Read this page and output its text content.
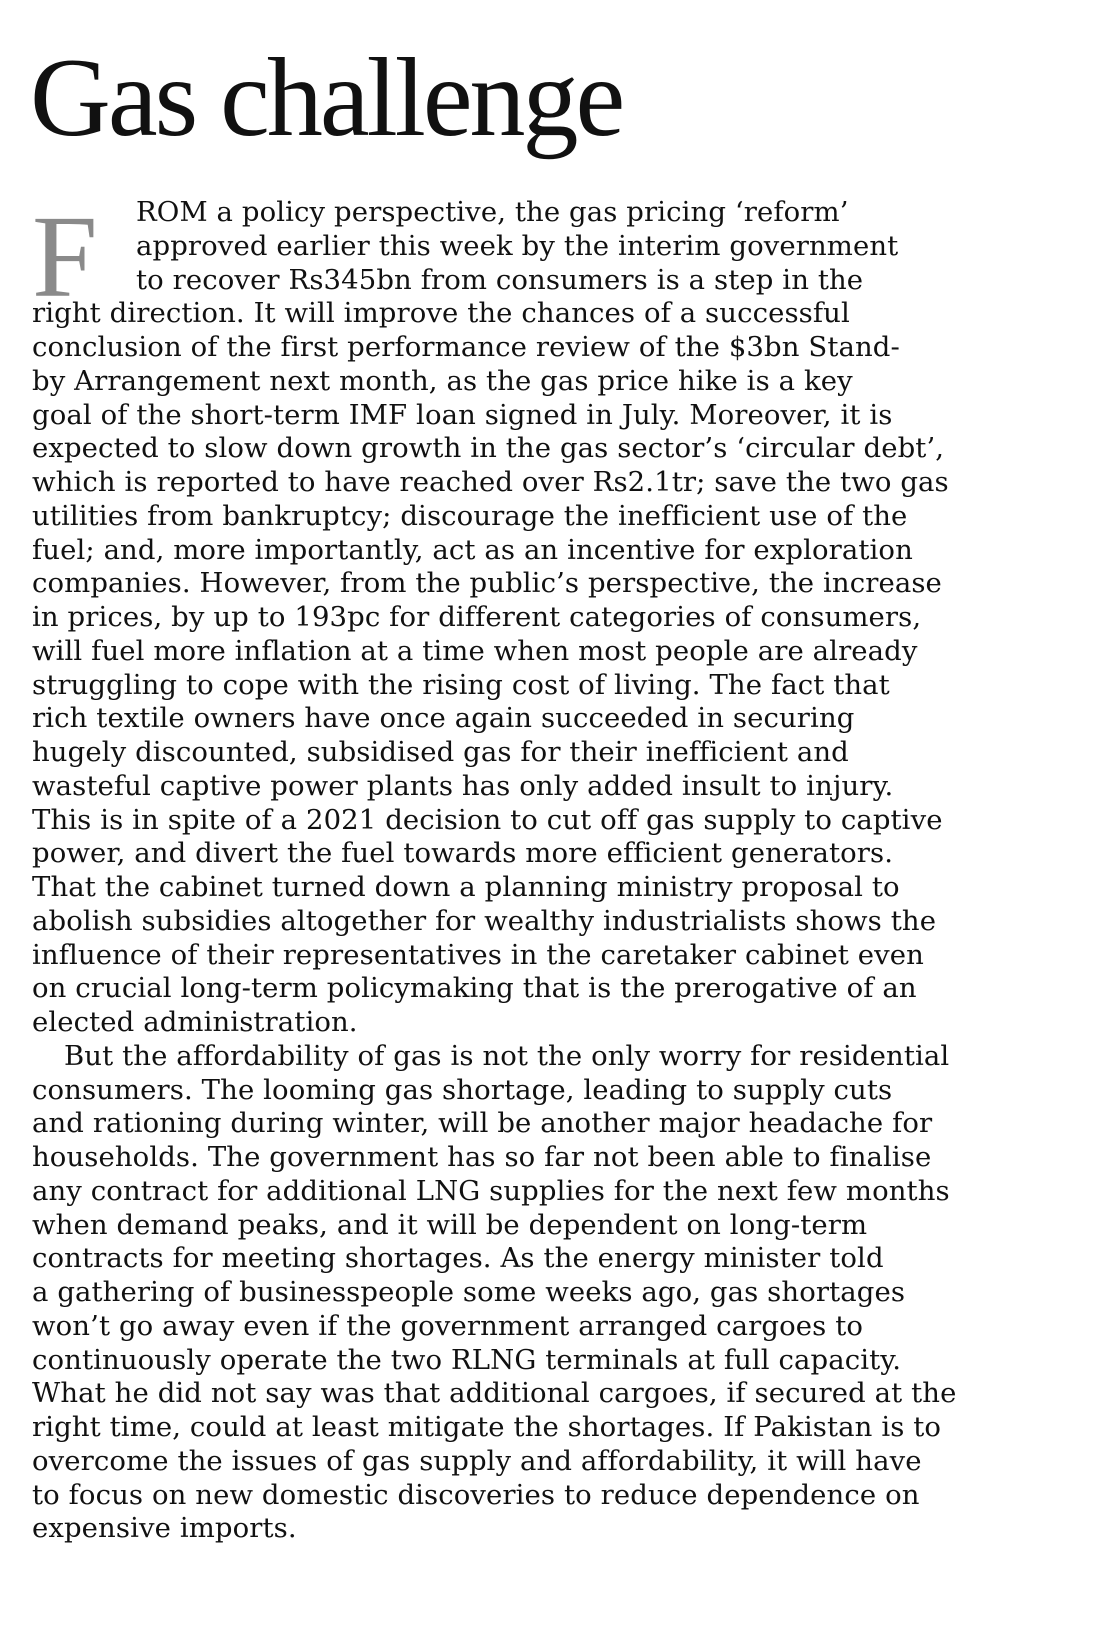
Gas challenge
F	ROM a policy perspective, the gas pricing ‘reform’
approved earlier this week by the interim government
to recover Rs345bn from consumers is a step in the
right direction. It will improve the chances of a successful
conclusion of the first performance review of the $3bn Stand-
by Arrangement next month, as the gas price hike is a key
goal of the short-term IMF loan signed in July. Moreover, it is
expected to slow down growth in the gas sector’s ‘circular debt’,
which is reported to have reached over Rs2.1tr; save the two gas
utilities from bankruptcy; discourage the inefficient use of the
fuel; and, more importantly, act as an incentive for exploration
companies. However, from the public’s perspective, the increase
in prices, by up to 193pc for different categories of consumers,
will fuel more inflation at a time when most people are already
struggling to cope with the rising cost of living. The fact that
rich textile owners have once again succeeded in securing
hugely discounted, subsidised gas for their inefficient and
wasteful captive power plants has only added insult to injury.
This is in spite of a 2021 decision to cut off gas supply to captive
power, and divert the fuel towards more efficient generators.
That the cabinet turned down a planning ministry proposal to
abolish subsidies altogether for wealthy industrialists shows the
influence of their representatives in the caretaker cabinet even
on crucial long-term policymaking that is the prerogative of an
elected administration.
But the affordability of gas is not the only worry for residential
consumers. The looming gas shortage, leading to supply cuts
and rationing during winter, will be another major headache for
households. The government has so far not been able to finalise
any contract for additional LNG supplies for the next few months
when demand peaks, and it will be dependent on long-term
contracts for meeting shortages. As the energy minister told
a gathering of businesspeople some weeks ago, gas shortages
won’t go away even if the government arranged cargoes to
continuously operate the two RLNG terminals at full capacity.
What he did not say was that additional cargoes, if secured at the
right time, could at least mitigate the shortages. If Pakistan is to
overcome the issues of gas supply and affordability, it will have
to focus on new domestic discoveries to reduce dependence on
expensive imports.
